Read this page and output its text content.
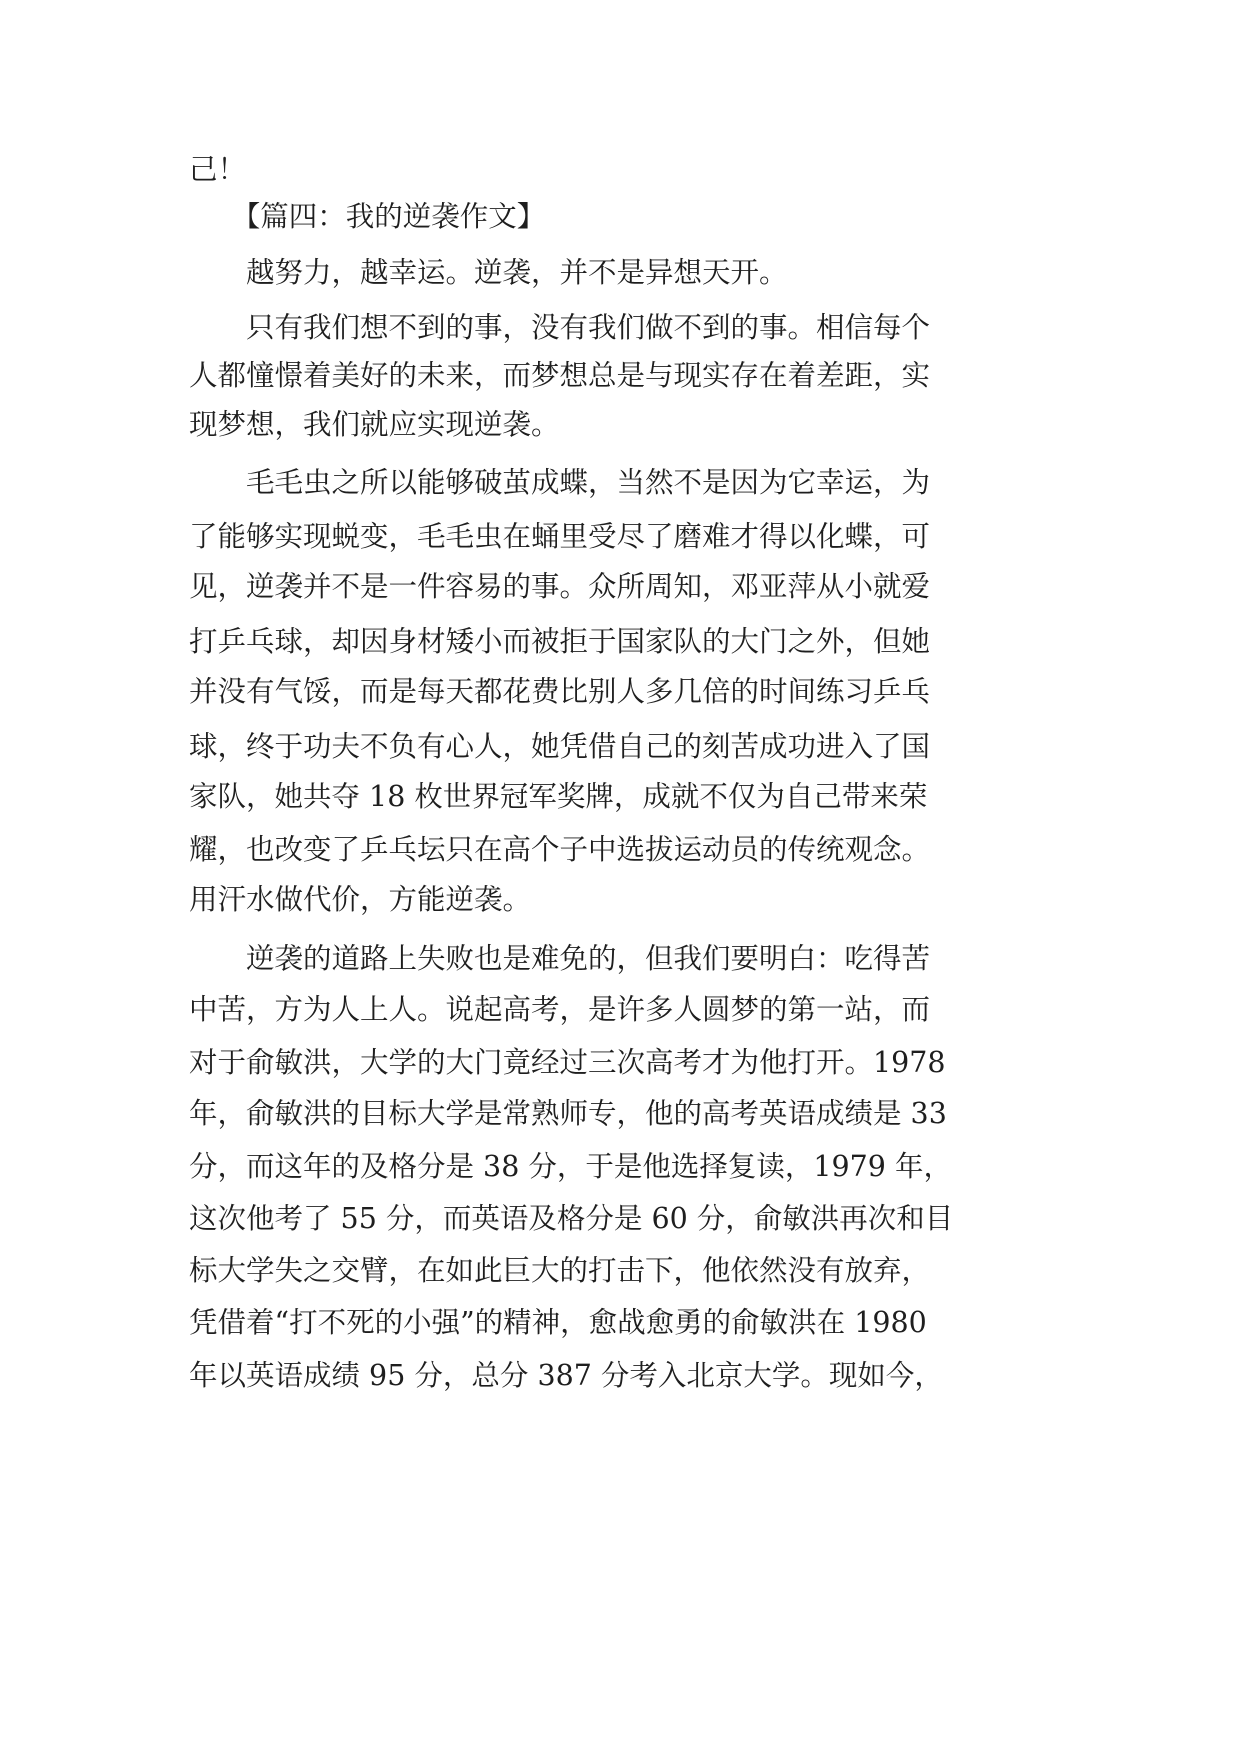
己！

　　【篇四：我的逆袭作文】

　　越努力，越幸运。逆袭，并不是异想天开。

　　只有我们想不到的事，没有我们做不到的事。相信每个

人都憧憬着美好的未来，而梦想总是与现实存在着差距，实

现梦想，我们就应实现逆袭。

　　毛毛虫之所以能够破茧成蝶，当然不是因为它幸运，为

了能够实现蜕变，毛毛虫在蛹里受尽了磨难才得以化蝶，可

见，逆袭并不是一件容易的事。众所周知，邓亚萍从小就爱

打乒乓球，却因身材矮小而被拒于国家队的大门之外，但她

并没有气馁，而是每天都花费比别人多几倍的时间练习乒乓

球，终于功夫不负有心人，她凭借自己的刻苦成功进入了国

家队，她共夺 18 枚世界冠军奖牌，成就不仅为自己带来荣

耀，也改变了乒乓坛只在高个子中选拔运动员的传统观念。

用汗水做代价，方能逆袭。

　　逆袭的道路上失败也是难免的，但我们要明白：吃得苦

中苦，方为人上人。说起高考，是许多人圆梦的第一站，而

对于俞敏洪，大学的大门竟经过三次高考才为他打开。1978

年，俞敏洪的目标大学是常熟师专，他的高考英语成绩是 33

分，而这年的及格分是 38 分，于是他选择复读，1979 年，

这次他考了 55 分，而英语及格分是 60 分，俞敏洪再次和目

标大学失之交臂，在如此巨大的打击下，他依然没有放弃，

凭借着“打不死的小强”的精神，愈战愈勇的俞敏洪在 1980

年以英语成绩 95 分，总分 387 分考入北京大学。现如今，
